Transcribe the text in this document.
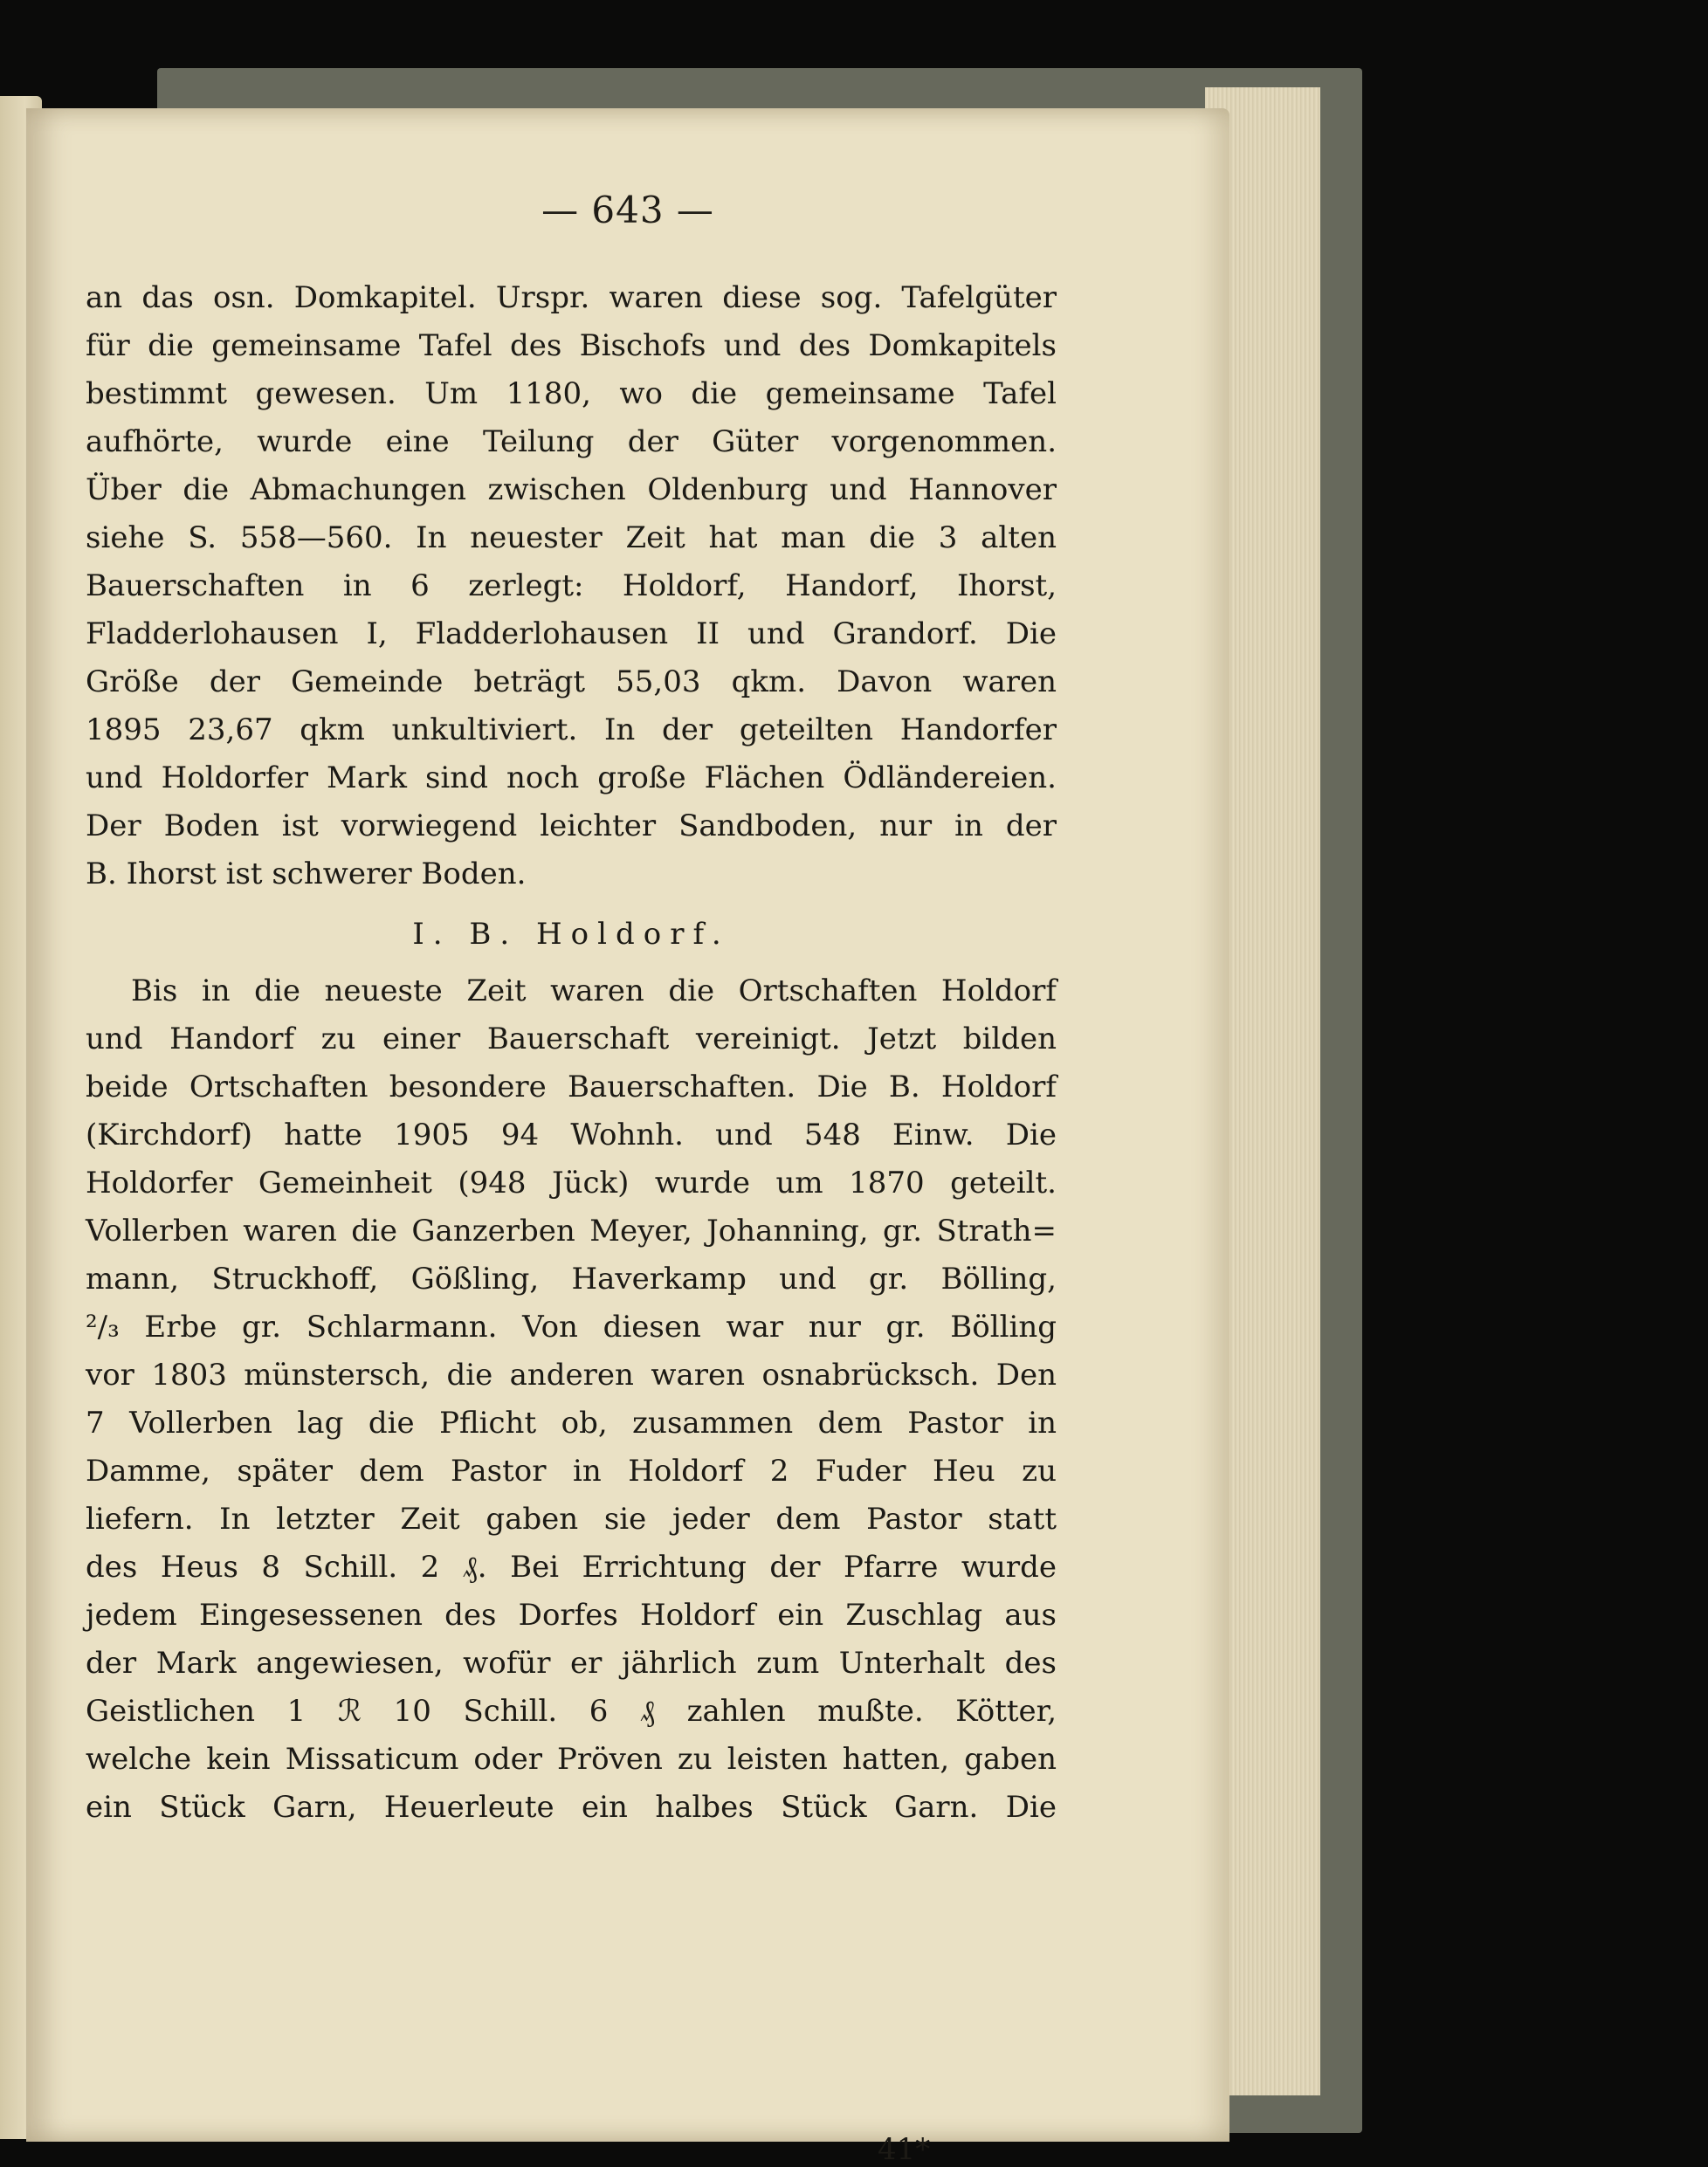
— 643 —
an das osn. Domkapitel. Urspr. waren diese sog. Tafelgüter
für die gemeinsame Tafel des Bischofs und des Domkapitels
bestimmt gewesen. Um 1180, wo die gemeinsame Tafel
aufhörte, wurde eine Teilung der Güter vorgenommen.
Über die Abmachungen zwischen Oldenburg und Hannover
siehe S. 558—560. In neuester Zeit hat man die 3 alten
Bauerschaften in 6 zerlegt: Holdorf, Handorf, Ihorst,
Fladderlohausen I, Fladderlohausen II und Grandorf. Die
Größe der Gemeinde beträgt 55,03 qkm. Davon waren
1895 23,67 qkm unkultiviert. In der geteilten Handorfer
und Holdorfer Mark sind noch große Flächen Ödländereien.
Der Boden ist vorwiegend leichter Sandboden, nur in der
B. Ihorst ist schwerer Boden.
I. B. Holdorf.
Bis in die neueste Zeit waren die Ortschaften Holdorf
und Handorf zu einer Bauerschaft vereinigt. Jetzt bilden
beide Ortschaften besondere Bauerschaften. Die B. Holdorf
(Kirchdorf) hatte 1905 94 Wohnh. und 548 Einw. Die
Holdorfer Gemeinheit (948 Jück) wurde um 1870 geteilt.
Vollerben waren die Ganzerben Meyer, Johanning, gr. Strath=
mann, Struckhoff, Gößling, Haverkamp und gr. Bölling,
²/₃ Erbe gr. Schlarmann. Von diesen war nur gr. Bölling
vor 1803 münstersch, die anderen waren osnabrücksch. Den
7 Vollerben lag die Pflicht ob, zusammen dem Pastor in
Damme, später dem Pastor in Holdorf 2 Fuder Heu zu
liefern. In letzter Zeit gaben sie jeder dem Pastor statt
des Heus 8 Schill. 2 ₰. Bei Errichtung der Pfarre wurde
jedem Eingesessenen des Dorfes Holdorf ein Zuschlag aus
der Mark angewiesen, wofür er jährlich zum Unterhalt des
Geistlichen 1 ℛ 10 Schill. 6 ₰ zahlen mußte. Kötter,
welche kein Missaticum oder Pröven zu leisten hatten, gaben
ein Stück Garn, Heuerleute ein halbes Stück Garn. Die
41*
